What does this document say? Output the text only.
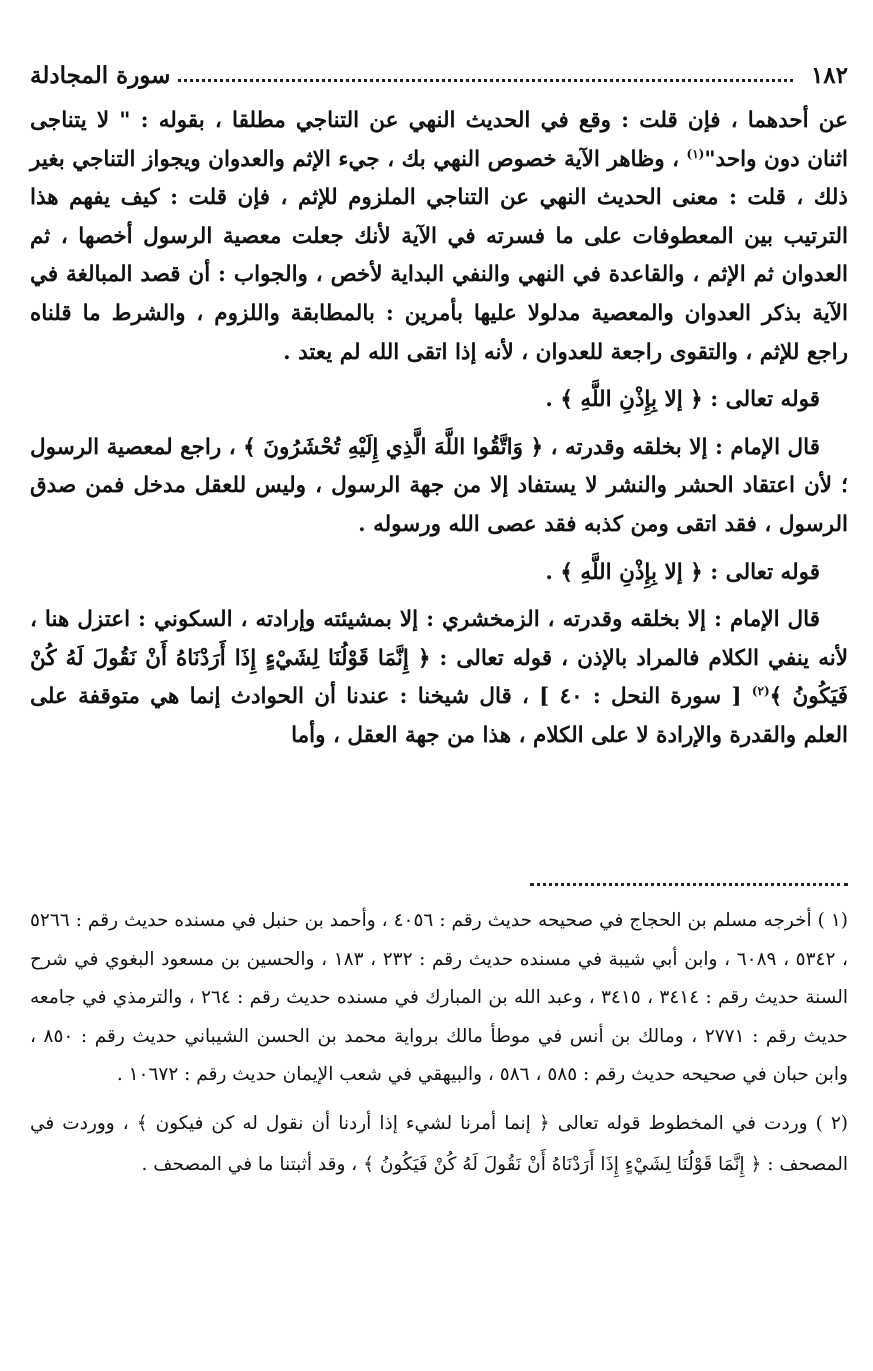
١٨٢
سورة المجادلة

عن أحدهما ، فإن قلت : وقع في الحديث النهي عن التناجي مطلقا ، بقوله : " لا يتناجى اثنان دون واحد"$^{(١)}$ ، وظاهر الآية خصوص النهي بك ، جيء الإثم والعدوان ويجواز التناجي بغير ذلك ، قلت : معنى الحديث النهي عن التناجي الملزوم للإثم ، فإن قلت : كيف يفهم هذا الترتيب بين المعطوفات على ما فسرته في الآية لأنك جعلت معصية الرسول أخصها ، ثم العدوان ثم الإثم ، والقاعدة في النهي والنفي البداية لأخص ، والجواب : أن قصد المبالغة في الآية بذكر العدوان والمعصية مدلولا عليها بأمرين : بالمطابقة واللزوم ، والشرط ما قلناه راجع للإثم ، والتقوى راجعة للعدوان ، لأنه إذا اتقى الله لم يعتد .

قوله تعالى : ﴿ إلا بِإِذْنِ اللَّهِ ﴾ .

قال الإمام : إلا بخلقه وقدرته ، ﴿ وَاتَّقُوا اللَّهَ الَّذِي إِلَيْهِ تُحْشَرُونَ ﴾ ، راجع لمعصية الرسول ؛ لأن اعتقاد الحشر والنشر لا يستفاد إلا من جهة الرسول ، وليس للعقل مدخل فمن صدق الرسول ، فقد اتقى ومن كذبه فقد عصى الله ورسوله .

قوله تعالى : ﴿ إلا بِإِذْنِ اللَّهِ ﴾ .

قال الإمام : إلا بخلقه وقدرته ، الزمخشري : إلا بمشيئته وإرادته ، السكوني : اعتزل هنا ، لأنه ينفي الكلام فالمراد بالإذن ، قوله تعالى : ﴿ إِنَّمَا قَوْلُنَا لِشَيْءٍ إِذَا أَرَدْنَاهُ أَنْ نَقُولَ لَهُ كُنْ فَيَكُونُ ﴾$^{(٢)}$ [ سورة النحل : ٤٠ ] ، قال شيخنا : عندنا أن الحوادث إنما هي متوقفة على العلم والقدرة والإرادة لا على الكلام ، هذا من جهة العقل ، وأما

(١ ) أخرجه مسلم بن الحجاج في صحيحه حديث رقم : ٤٠٥٦ ، وأحمد بن حنبل في مسنده حديث رقم : ٥٢٦٦ ، ٥٣٤٢ ، ٦٠٨٩ ، وابن أبي شيبة في مسنده حديث رقم : ٢٣٢ ، ١٨٣ ، والحسين بن مسعود البغوي في شرح السنة حديث رقم : ٣٤١٤ ، ٣٤١٥ ، وعبد الله بن المبارك في مسنده حديث رقم : ٢٦٤ ، والترمذي في جامعه حديث رقم : ٢٧٧١ ، ومالك بن أنس في موطأ مالك برواية محمد بن الحسن الشيباني حديث رقم : ٨٥٠ ، وابن حبان في صحيحه حديث رقم : ٥٨٥ ، ٥٨٦ ، والبيهقي في شعب الإيمان حديث رقم : ١٠٦٧٢ .

(٢ ) وردت في المخطوط قوله تعالى ﴿ إنما أمرنا لشيء إذا أردنا أن نقول له كن فيكون ﴾ ، ووردت في المصحف : ﴿ إِنَّمَا قَوْلُنَا لِشَيْءٍ إِذَا أَرَدْنَاهُ أَنْ نَقُولَ لَهُ كُنْ فَيَكُونُ ﴾ ، وقد أثبتنا ما في المصحف .
